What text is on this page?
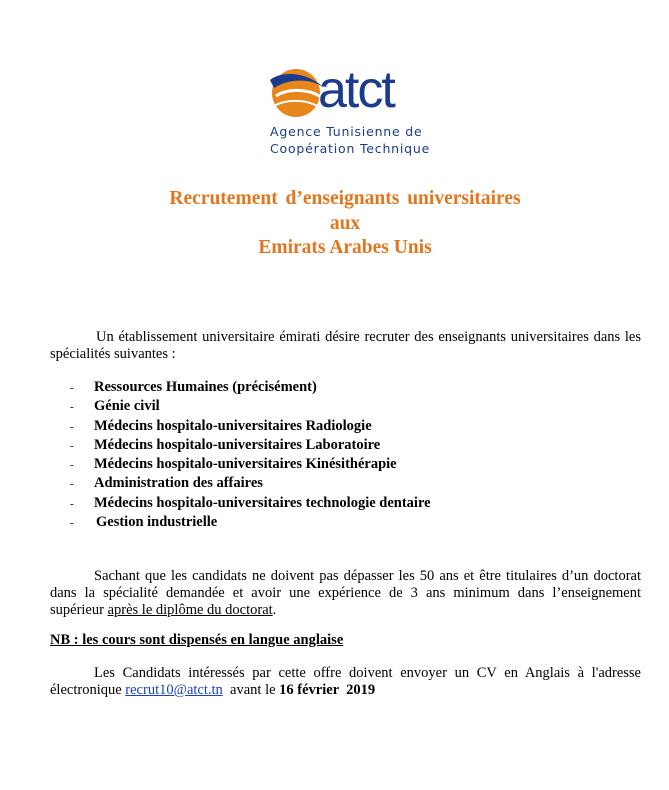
atct
Agence Tunisienne de
Coopération Technique
Recrutement d’enseignants universitaires
aux
Emirats Arabes Unis
Un établissement universitaire émirati désire recruter des enseignants universitaires dans les spécialités suivantes :
- Ressources Humaines (précisément)
- Génie civil
- Médecins hospitalo-universitaires Radiologie
- Médecins hospitalo-universitaires Laboratoire
- Médecins hospitalo-universitaires Kinésithérapie
- Administration des affaires
- Médecins hospitalo-universitaires technologie dentaire
- Gestion industrielle
Sachant que les candidats ne doivent pas dépasser les 50 ans et être titulaires d’un doctorat dans la spécialité demandée et avoir une expérience de 3 ans minimum dans l’enseignement supérieur après le diplôme du doctorat.
NB : les cours sont dispensés en langue anglaise
Les Candidats intéressés par cette offre doivent envoyer un CV en Anglais à l'adresse électronique recrut10@atct.tn  avant le 16 février  2019
